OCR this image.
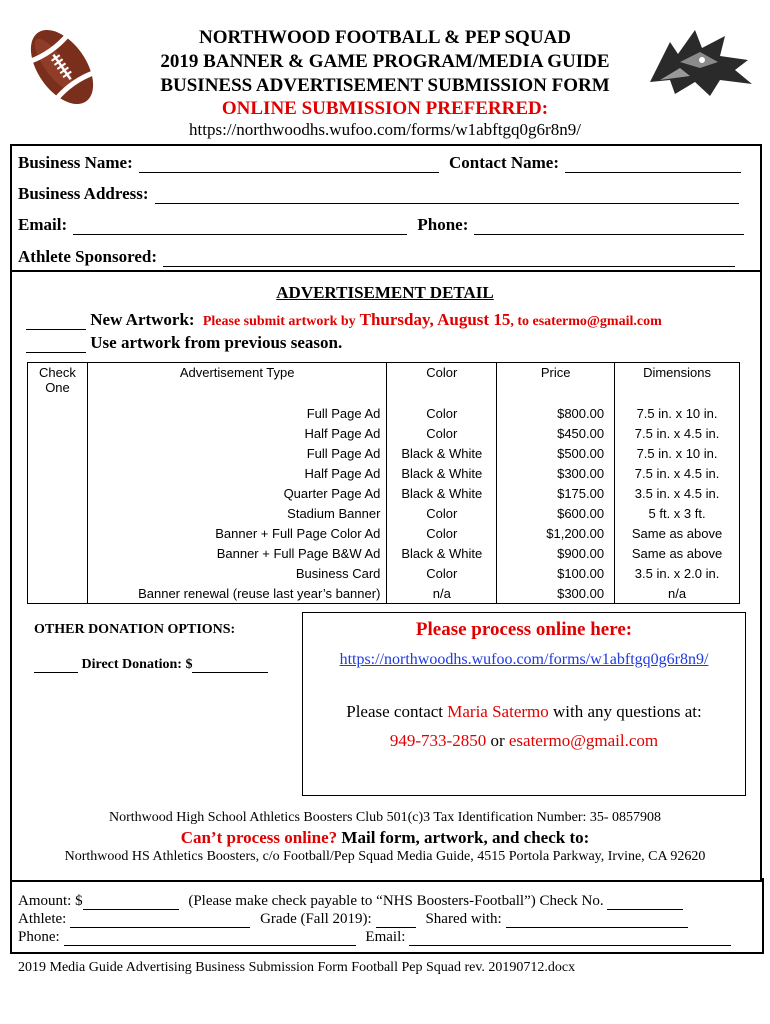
NORTHWOOD FOOTBALL & PEP SQUAD
2019 BANNER & GAME PROGRAM/MEDIA GUIDE
BUSINESS ADVERTISEMENT SUBMISSION FORM
ONLINE SUBMISSION PREFERRED:
https://northwoodhs.wufoo.com/forms/w1abftgq0g6r8n9/
Business Name:	Contact Name:
Business Address:
Email:	Phone:
Athlete Sponsored:
ADVERTISEMENT DETAIL
New Artwork: Please submit artwork by Thursday, August 15, to esatermo@gmail.com
Use artwork from previous season.
Check One	Advertisement Type	Color	Price	Dimensions
	Full Page Ad	Color	$800.00	7.5 in. x 10 in.
	Half Page Ad	Color	$450.00	7.5 in. x 4.5 in.
	Full Page Ad	Black & White	$500.00	7.5 in. x 10 in.
	Half Page Ad	Black & White	$300.00	7.5 in. x 4.5 in.
	Quarter Page Ad	Black & White	$175.00	3.5 in. x 4.5 in.
	Stadium Banner	Color	$600.00	5 ft. x 3 ft.
	Banner + Full Page Color Ad	Color	$1,200.00	Same as above
	Banner + Full Page B&W Ad	Black & White	$900.00	Same as above
	Business Card	Color	$100.00	3.5 in. x 2.0 in.
	Banner renewal (reuse last year’s banner)	n/a	$300.00	n/a
OTHER DONATION OPTIONS:
Direct Donation: $
Please process online here:
https://northwoodhs.wufoo.com/forms/w1abftgq0g6r8n9/
Please contact Maria Satermo with any questions at:
949-733-2850 or esatermo@gmail.com
Northwood High School Athletics Boosters Club 501(c)3 Tax Identification Number: 35- 0857908
Can’t process online? Mail form, artwork, and check to:
Northwood HS Athletics Boosters, c/o Football/Pep Squad Media Guide, 4515 Portola Parkway, Irvine, CA 92620
Amount: $	(Please make check payable to “NHS Boosters-Football”) Check No.
Athlete:	Grade (Fall 2019):	Shared with:
Phone:	Email:
2019 Media Guide Advertising Business Submission Form Football Pep Squad rev. 20190712.docx
